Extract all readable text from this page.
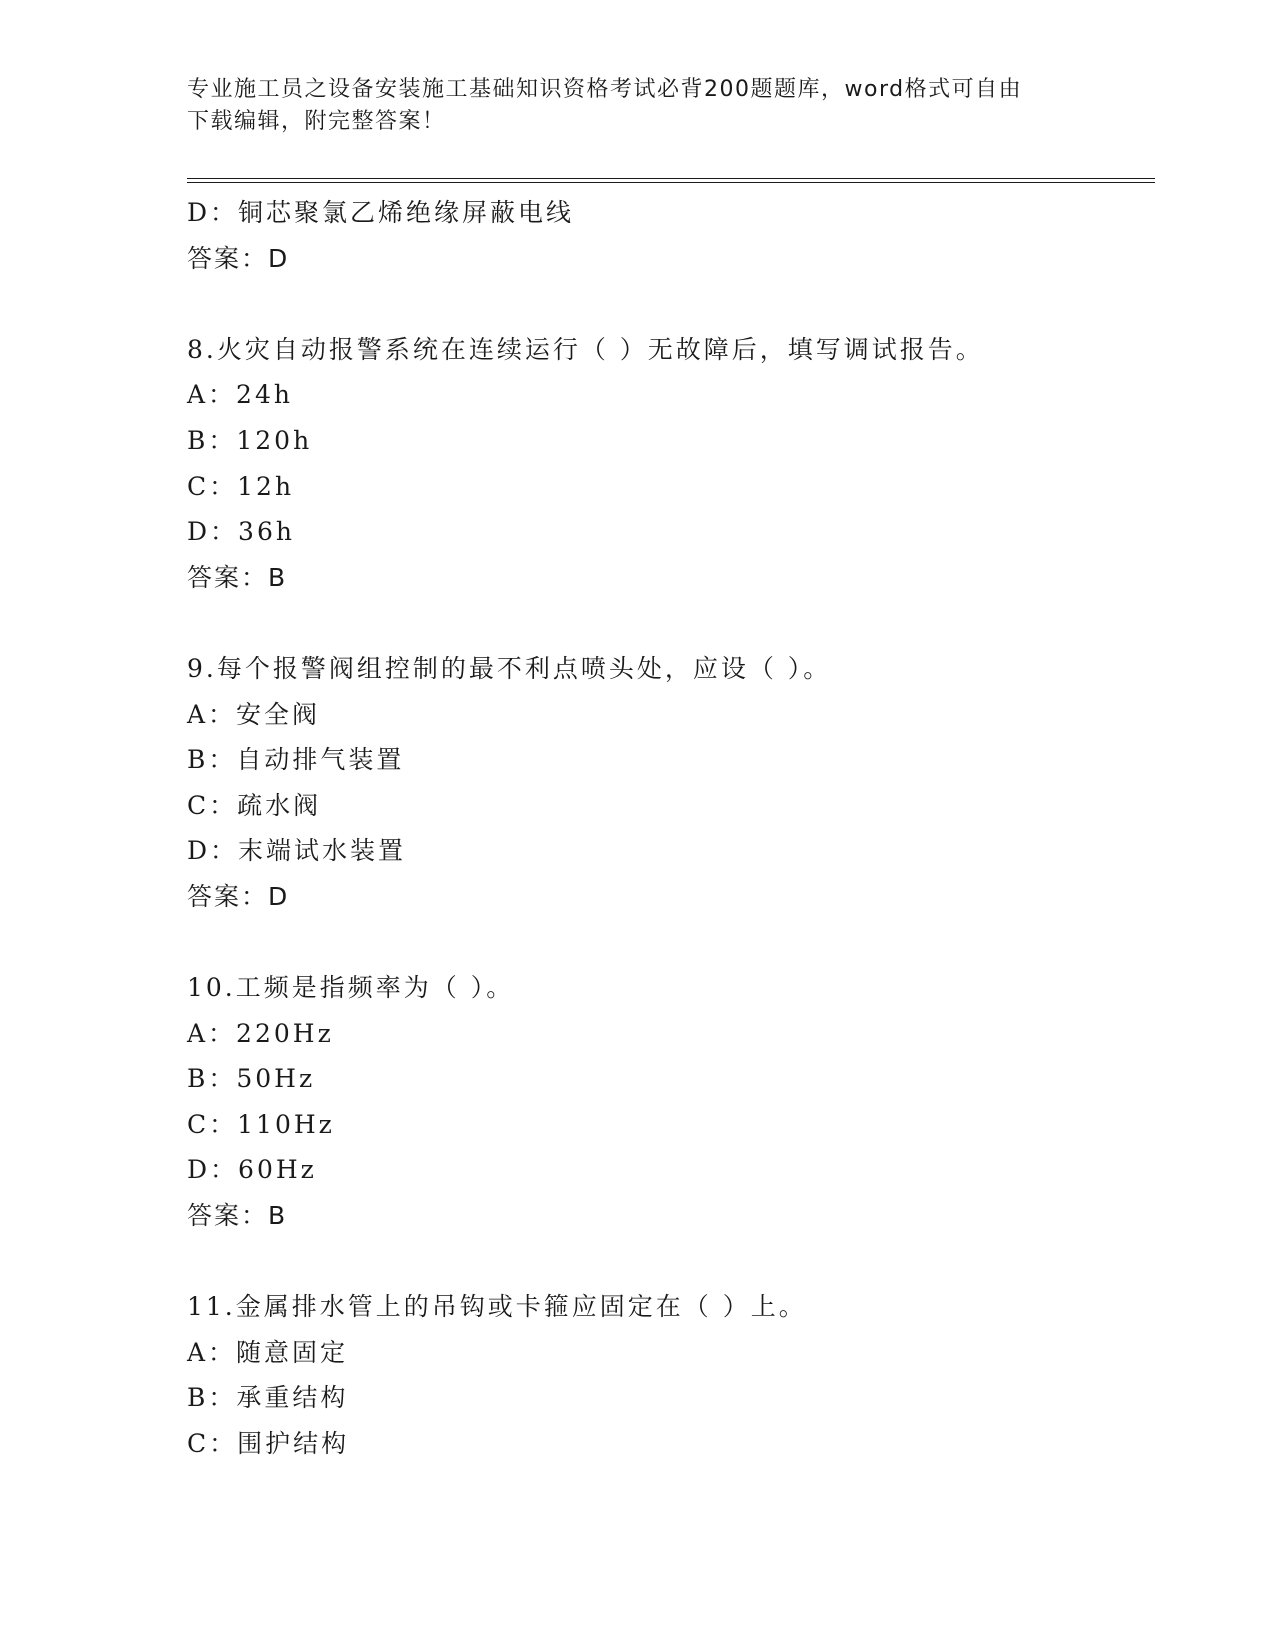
专业施工员之设备安装施工基础知识资格考试必背200题题库，word格式可自由
下载编辑，附完整答案！
D：铜芯聚氯乙烯绝缘屏蔽电线
答案：D
8.火灾自动报警系统在连续运行（ ）无故障后，填写调试报告。
A：24h
B：120h
C：12h
D：36h
答案：B
9.每个报警阀组控制的最不利点喷头处，应设（ ）。
A：安全阀
B：自动排气装置
C：疏水阀
D：末端试水装置
答案：D
10.工频是指频率为（ ）。
A：220Hz
B：50Hz
C：110Hz
D：60Hz
答案：B
11.金属排水管上的吊钩或卡箍应固定在（ ）上。
A：随意固定
B：承重结构
C：围护结构
